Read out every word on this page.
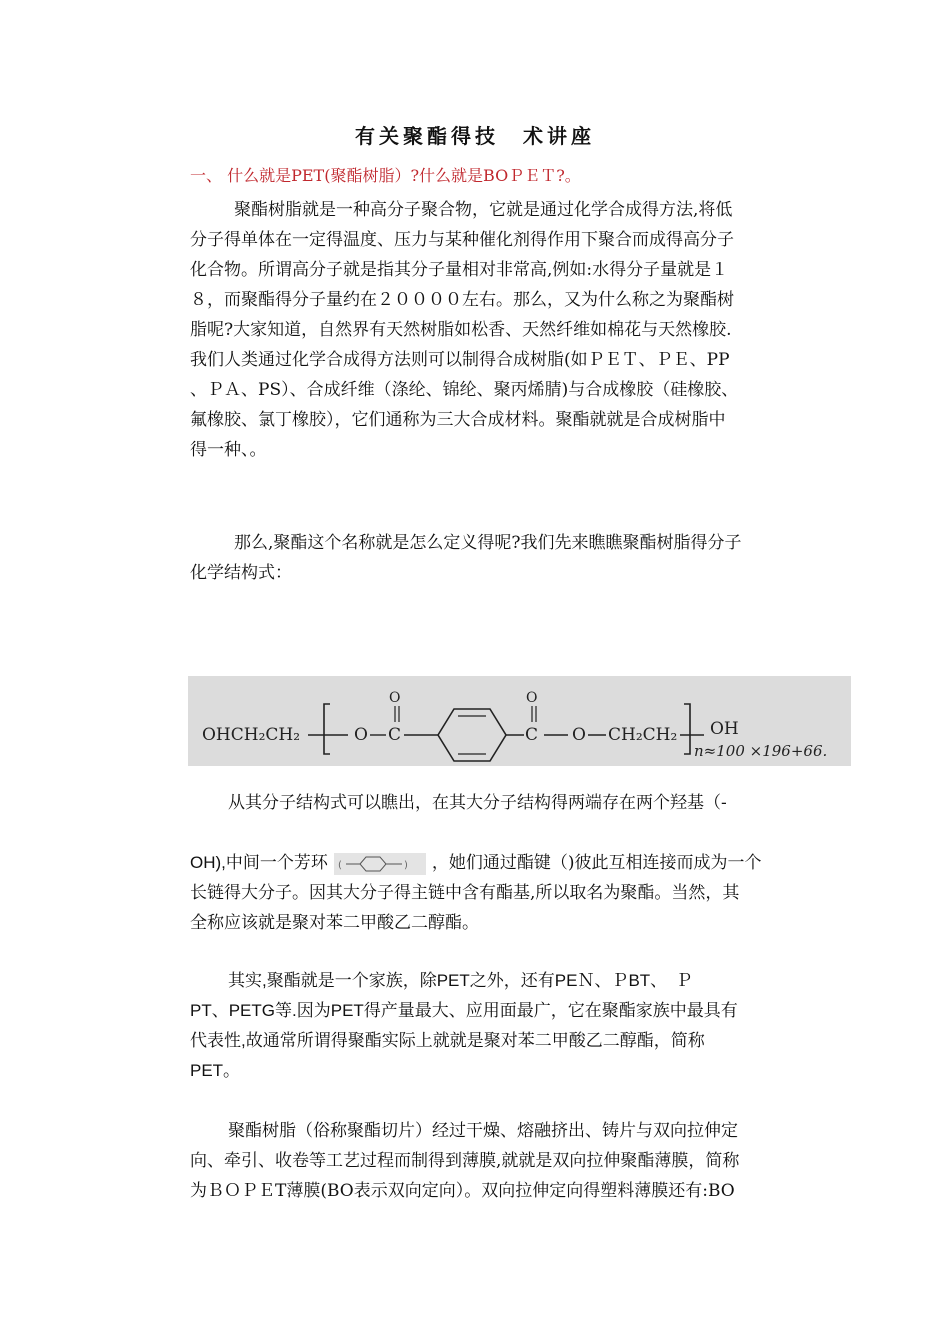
有关聚酯得技　术讲座
一、 什么就是PET(聚酯树脂）?什么就是BOＰＥＴ?。
聚酯树脂就是一种高分子聚合物，它就是通过化学合成得方法,将低
分子得单体在一定得温度、压力与某种催化剂得作用下聚合而成得高分子
化合物。所谓高分子就是指其分子量相对非常高,例如:水得分子量就是１
８，而聚酯得分子量约在２００００左右。那么，又为什么称之为聚酯树
脂呢?大家知道，自然界有天然树脂如松香、天然纤维如棉花与天然橡胶.
我们人类通过化学合成得方法则可以制得合成树脂(如ＰＥＴ、ＰＥ、PP
、ＰＡ、PS）、合成纤维（涤纶、锦纶、聚丙烯腈)与合成橡胶（硅橡胶、
氟橡胶、氯丁橡胶），它们通称为三大合成材料。聚酯就就是合成树脂中
得一种、。
那么,聚酯这个名称就是怎么定义得呢?我们先来瞧瞧聚酯树脂得分子
化学结构式：
OHCH₂CH₂	O C
O
C
O
O CH₂CH₂ OH
n≈100 ×196+66.
从其分子结构式可以瞧出，在其大分子结构得两端存在两个羟基（-
OH),中间一个芳环 (	) ，她们通过酯键（)彼此互相连接而成为一个
长链得大分子。因其大分子得主链中含有酯基,所以取名为聚酯。当然，其
全称应该就是聚对苯二甲酸乙二醇酯。
其实,聚酯就是一个家族，除PET之外，还有PEＮ、ＰBT、　Ｐ
PT、PETG等.因为PET得产量最大、应用面最广，它在聚酯家族中最具有
代表性,故通常所谓得聚酯实际上就就是聚对苯二甲酸乙二醇酯，简称
PET。
聚酯树脂（俗称聚酯切片）经过干燥、熔融挤出、铸片与双向拉伸定
向、牵引、收卷等工艺过程而制得到薄膜,就就是双向拉伸聚酯薄膜，简称
为ＢＯＰＥT薄膜(BO表示双向定向）。双向拉伸定向得塑料薄膜还有:BO
